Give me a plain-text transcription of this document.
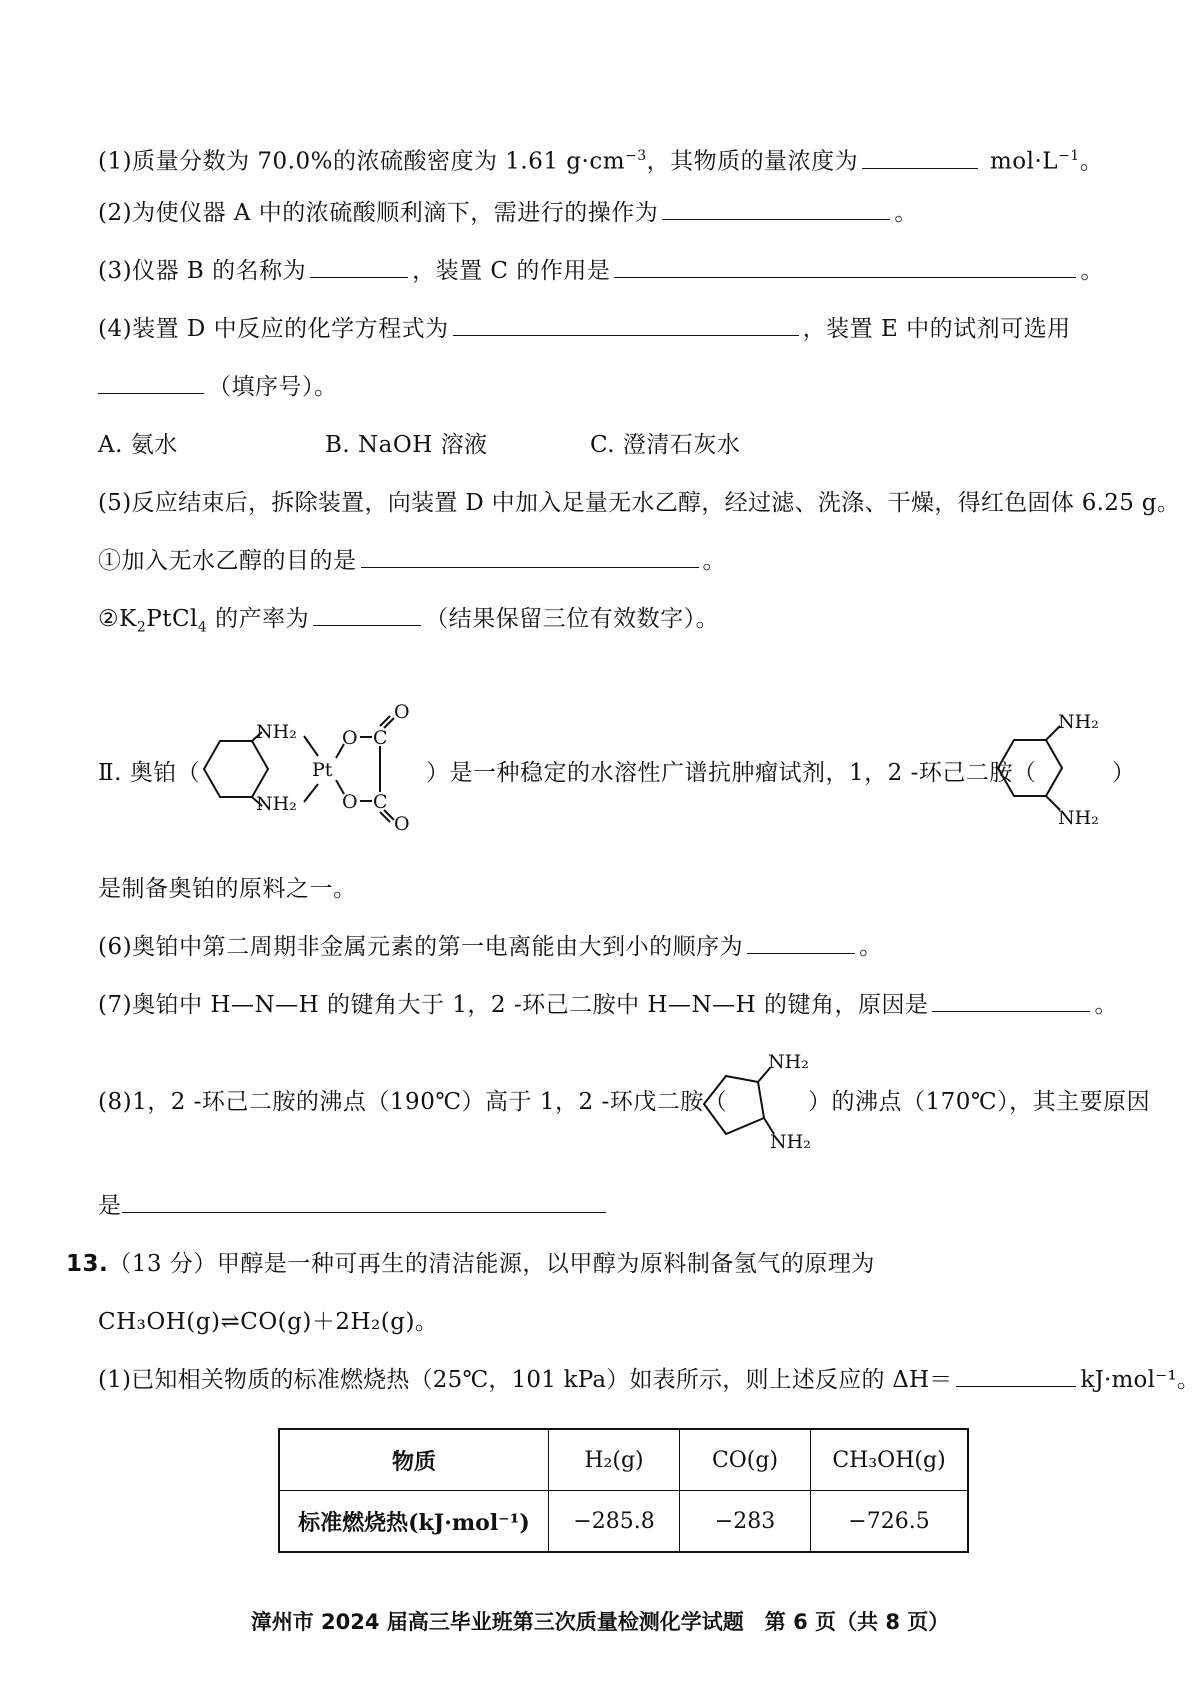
(1)质量分数为 70.0%的浓硫酸密度为 1.61 $g\cdot cm^{-3}$，其物质的量浓度为	$mol\cdot L^{-1}$。
(2)为使仪器 A 中的浓硫酸顺利滴下，需进行的操作为	。
(3)仪器 B 的名称为	，装置 C 的作用是	。
(4)装置 D 中反应的化学方程式为	，装置 E 中的试剂可选用
（填序号）。
A. 氨水	B. NaOH 溶液	C. 澄清石灰水
(5)反应结束后，拆除装置，向装置 D 中加入足量无水乙醇，经过滤、洗涤、干燥，得红色固体 6.25 g。
①加入无水乙醇的目的是	。
$②K_2PtCl_4$ 的产率为	（结果保留三位有效数字）。
Ⅱ. 奥铂（
NH₂
NH₂
Pt
O
O
C
C
O
O
）是一种稳定的水溶性广谱抗肿瘤试剂，1，2 -环己二胺（
NH₂
NH₂
）
是制备奥铂的原料之一。
(6)奥铂中第二周期非金属元素的第一电离能由大到小的顺序为	。
(7)奥铂中 H—N—H 的键角大于 1，2 -环己二胺中 H—N—H 的键角，原因是	。
(8)1，2 -环己二胺的沸点（190℃）高于 1，2 -环戊二胺（
NH₂
NH₂
）的沸点（170℃），其主要原因
是
13.（13 分）甲醇是一种可再生的清洁能源，以甲醇为原料制备氢气的原理为
CH₃OH(g)⇌CO(g)＋2H₂(g)。
(1)已知相关物质的标准燃烧热（25℃，101 kPa）如表所示，则上述反应的 ΔH＝	kJ·mol⁻¹。
物质	H₂(g)	CO(g)	CH₃OH(g)
标准燃烧热(kJ·mol⁻¹)	−285.8	−283	−726.5
漳州市 2024 届高三毕业班第三次质量检测化学试题　第 6 页（共 8 页）
